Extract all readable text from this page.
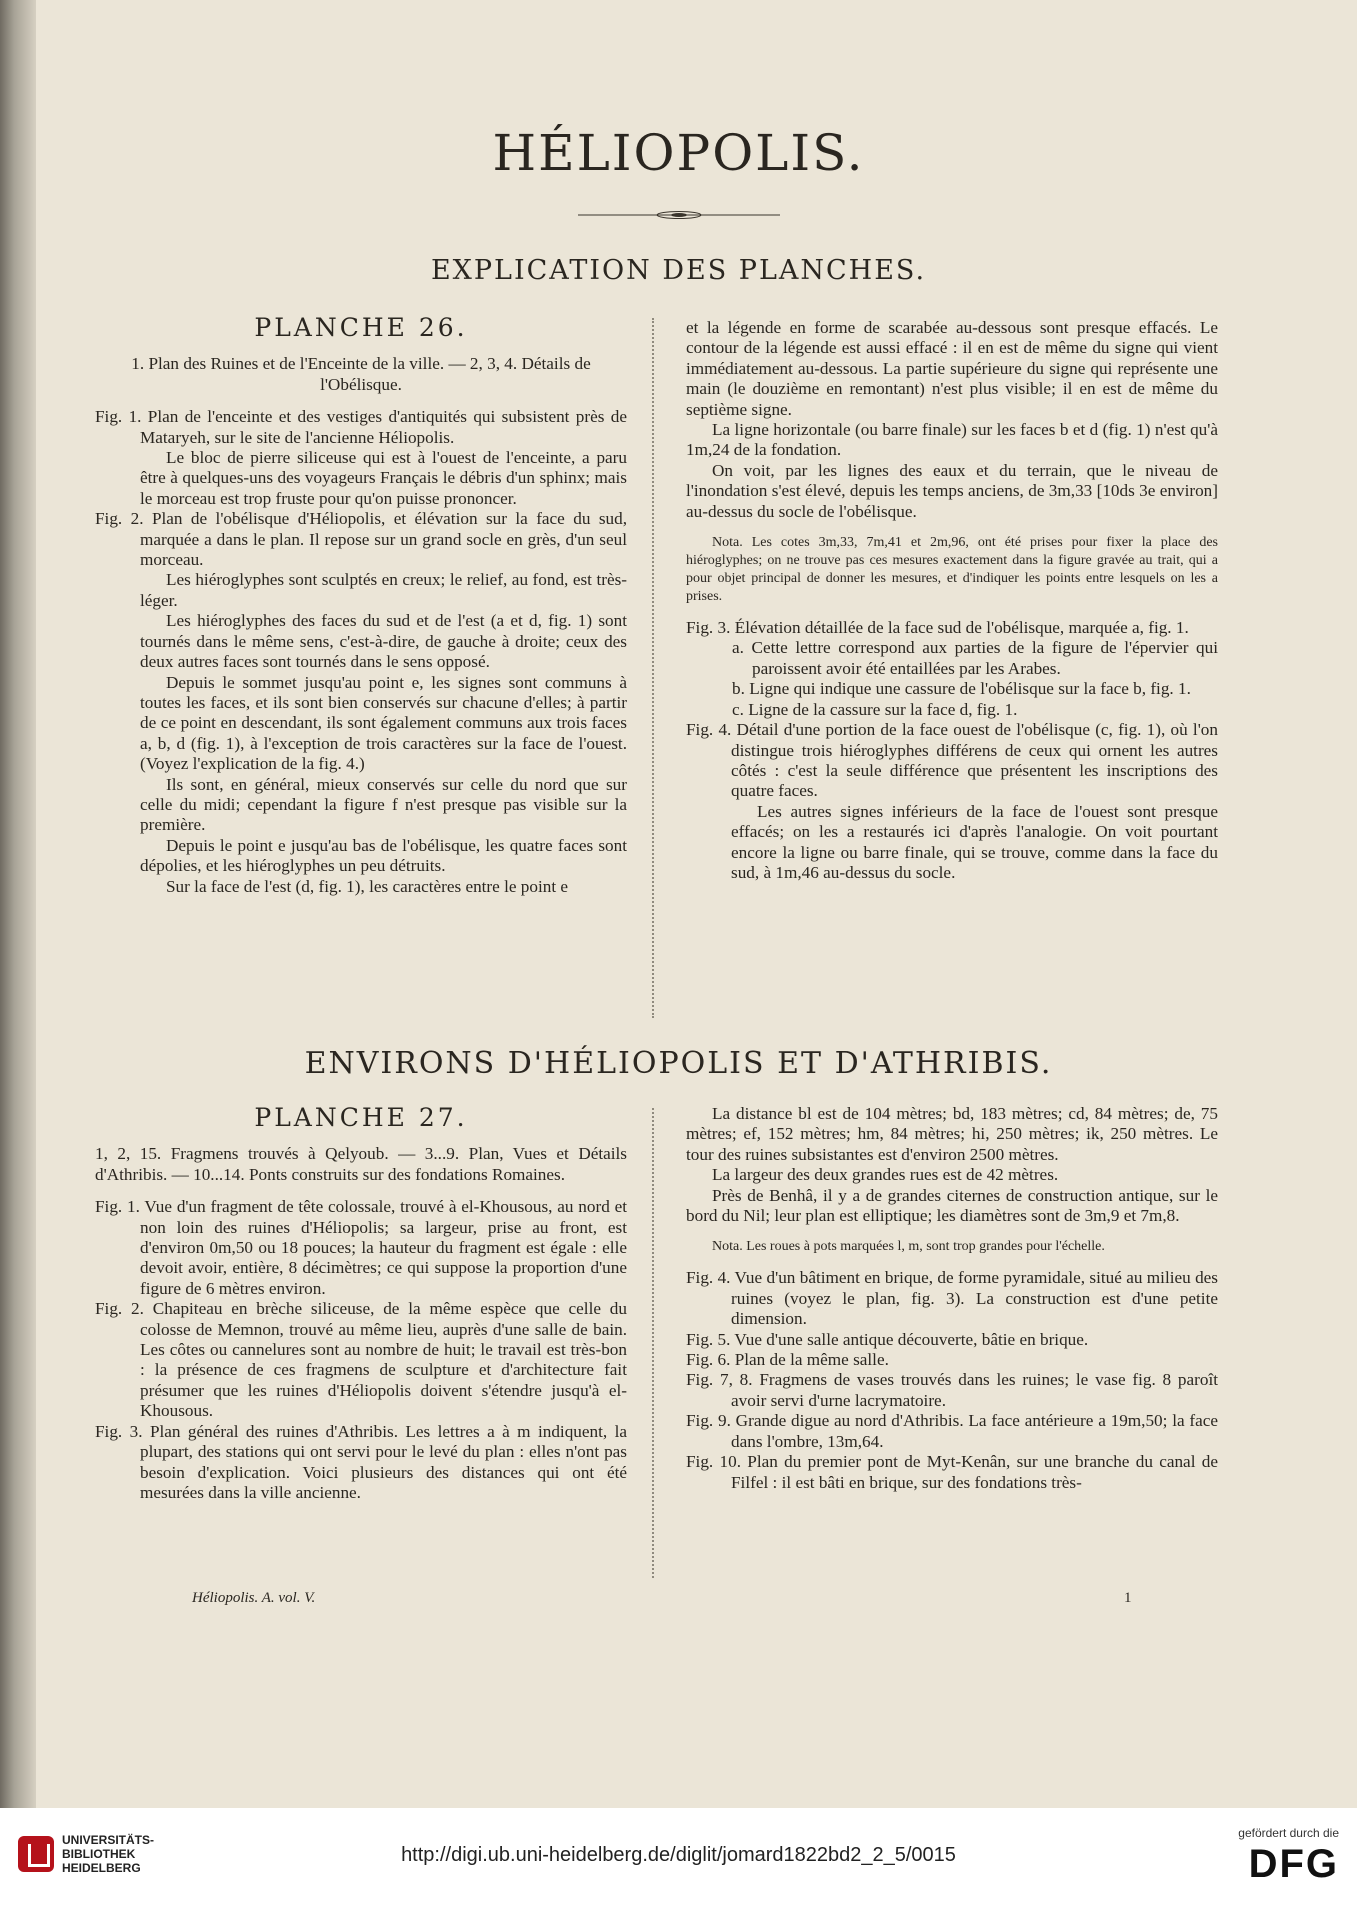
HÉLIOPOLIS.
EXPLICATION DES PLANCHES.
PLANCHE 26.

1. Plan des Ruines et de l'Enceinte de la ville. — 2, 3, 4. Détails de l'Obélisque.

Fig. 1. Plan de l'enceinte et des vestiges d'antiquités qui subsistent près de Mataryeh, sur le site de l'ancienne Héliopolis.

Le bloc de pierre siliceuse qui est à l'ouest de l'enceinte, a paru être à quelques-uns des voyageurs Français le débris d'un sphinx; mais le morceau est trop fruste pour qu'on puisse prononcer.

Fig. 2. Plan de l'obélisque d'Héliopolis, et élévation sur la face du sud, marquée a dans le plan. Il repose sur un grand socle en grès, d'un seul morceau.

Les hiéroglyphes sont sculptés en creux; le relief, au fond, est très-léger.

Les hiéroglyphes des faces du sud et de l'est (a et d, fig. 1) sont tournés dans le même sens, c'est-à-dire, de gauche à droite; ceux des deux autres faces sont tournés dans le sens opposé.

Depuis le sommet jusqu'au point e, les signes sont communs à toutes les faces, et ils sont bien conservés sur chacune d'elles; à partir de ce point en descendant, ils sont également communs aux trois faces a, b, d (fig. 1), à l'exception de trois caractères sur la face de l'ouest. (Voyez l'explication de la fig. 4.)

Ils sont, en général, mieux conservés sur celle du nord que sur celle du midi; cependant la figure f n'est presque pas visible sur la première.

Depuis le point e jusqu'au bas de l'obélisque, les quatre faces sont dépolies, et les hiéroglyphes un peu détruits.

Sur la face de l'est (d, fig. 1), les caractères entre le point e

et la légende en forme de scarabée au-dessous sont presque effacés. Le contour de la légende est aussi effacé : il en est de même du signe qui vient immédiatement au-dessous. La partie supérieure du signe qui représente une main (le douzième en remontant) n'est plus visible; il en est de même du septième signe.

La ligne horizontale (ou barre finale) sur les faces b et d (fig. 1) n'est qu'à 1m,24 de la fondation.

On voit, par les lignes des eaux et du terrain, que le niveau de l'inondation s'est élevé, depuis les temps anciens, de 3m,33 [10ds 3e environ] au-dessus du socle de l'obélisque.

Nota. Les cotes 3m,33, 7m,41 et 2m,96, ont été prises pour fixer la place des hiéroglyphes; on ne trouve pas ces mesures exactement dans la figure gravée au trait, qui a pour objet principal de donner les mesures, et d'indiquer les points entre lesquels on les a prises.

Fig. 3. Élévation détaillée de la face sud de l'obélisque, marquée a, fig. 1.

a. Cette lettre correspond aux parties de la figure de l'épervier qui paroissent avoir été entaillées par les Arabes.

b. Ligne qui indique une cassure de l'obélisque sur la face b, fig. 1.

c. Ligne de la cassure sur la face d, fig. 1.

Fig. 4. Détail d'une portion de la face ouest de l'obélisque (c, fig. 1), où l'on distingue trois hiéroglyphes différens de ceux qui ornent les autres côtés : c'est la seule différence que présentent les inscriptions des quatre faces.

Les autres signes inférieurs de la face de l'ouest sont presque effacés; on les a restaurés ici d'après l'analogie. On voit pourtant encore la ligne ou barre finale, qui se trouve, comme dans la face du sud, à 1m,46 au-dessus du socle.

ENVIRONS D'HÉLIOPOLIS ET D'ATHRIBIS.
PLANCHE 27.

1, 2, 15. Fragmens trouvés à Qelyoub. — 3...9. Plan, Vues et Détails d'Athribis. — 10...14. Ponts construits sur des fondations Romaines.

Fig. 1. Vue d'un fragment de tête colossale, trouvé à el-Khousous, au nord et non loin des ruines d'Héliopolis; sa largeur, prise au front, est d'environ 0m,50 ou 18 pouces; la hauteur du fragment est égale : elle devoit avoir, entière, 8 décimètres; ce qui suppose la proportion d'une figure de 6 mètres environ.

Fig. 2. Chapiteau en brèche siliceuse, de la même espèce que celle du colosse de Memnon, trouvé au même lieu, auprès d'une salle de bain. Les côtes ou cannelures sont au nombre de huit; le travail est très-bon : la présence de ces fragmens de sculpture et d'architecture fait présumer que les ruines d'Héliopolis doivent s'étendre jusqu'à el-Khousous.

Fig. 3. Plan général des ruines d'Athribis. Les lettres a à m indiquent, la plupart, des stations qui ont servi pour le levé du plan : elles n'ont pas besoin d'explication. Voici plusieurs des distances qui ont été mesurées dans la ville ancienne.

La distance bl est de 104 mètres; bd, 183 mètres; cd, 84 mètres; de, 75 mètres; ef, 152 mètres; hm, 84 mètres; hi, 250 mètres; ik, 250 mètres. Le tour des ruines subsistantes est d'environ 2500 mètres.

La largeur des deux grandes rues est de 42 mètres.

Près de Benhâ, il y a de grandes citernes de construction antique, sur le bord du Nil; leur plan est elliptique; les diamètres sont de 3m,9 et 7m,8.

Nota. Les roues à pots marquées l, m, sont trop grandes pour l'échelle.

Fig. 4. Vue d'un bâtiment en brique, de forme pyramidale, situé au milieu des ruines (voyez le plan, fig. 3). La construction est d'une petite dimension.

Fig. 5. Vue d'une salle antique découverte, bâtie en brique.

Fig. 6. Plan de la même salle.

Fig. 7, 8. Fragmens de vases trouvés dans les ruines; le vase fig. 8 paroît avoir servi d'urne lacrymatoire.

Fig. 9. Grande digue au nord d'Athribis. La face antérieure a 19m,50; la face dans l'ombre, 13m,64.

Fig. 10. Plan du premier pont de Myt-Kenân, sur une branche du canal de Filfel : il est bâti en brique, sur des fondations très-

Héliopolis. A. vol. V.	1
UNIVERSITÄTS-
BIBLIOTHEK
HEIDELBERG
http://digi.ub.uni-heidelberg.de/diglit/jomard1822bd2_2_5/0015
gefördert durch die
DFG
